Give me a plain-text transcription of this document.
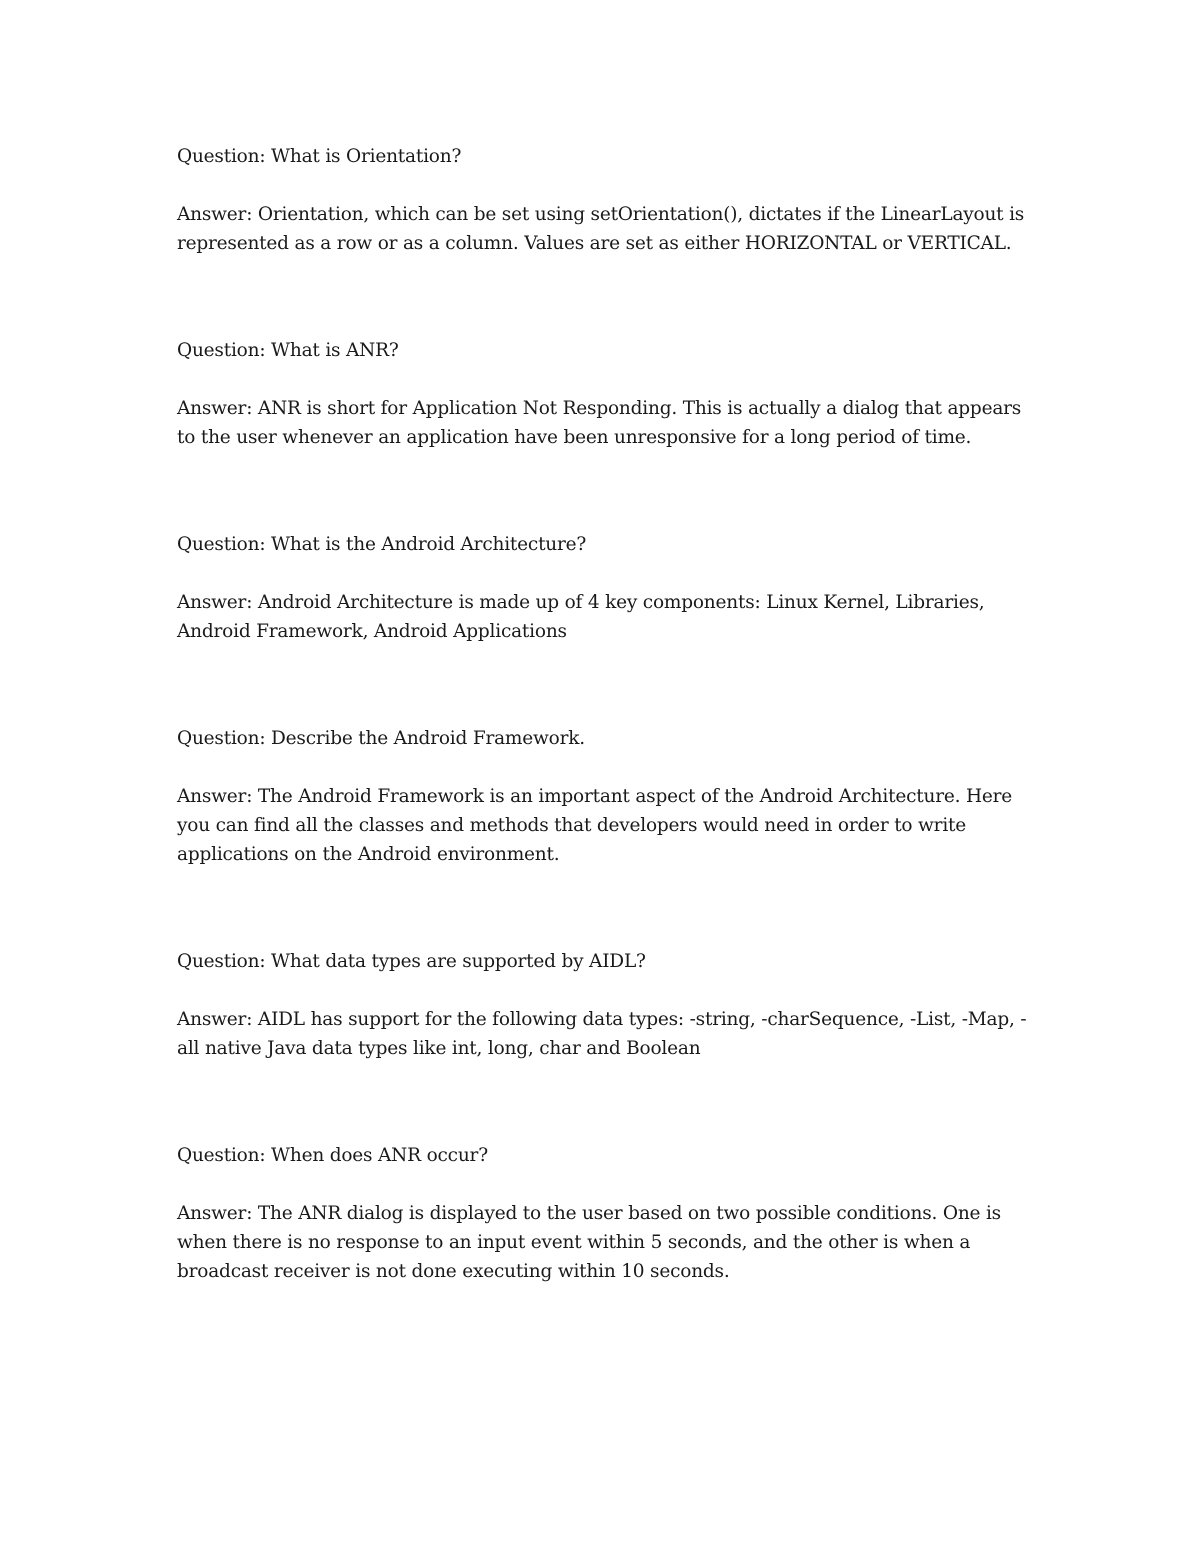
Question: What is Orientation?
Answer: Orientation, which can be set using setOrientation(), dictates if the LinearLayout is
represented as a row or as a column. Values are set as either HORIZONTAL or VERTICAL.
Question: What is ANR?
Answer: ANR is short for Application Not Responding. This is actually a dialog that appears
to the user whenever an application have been unresponsive for a long period of time.
Question: What is the Android Architecture?
Answer: Android Architecture is made up of 4 key components: Linux Kernel, Libraries,
Android Framework, Android Applications
Question: Describe the Android Framework.
Answer: The Android Framework is an important aspect of the Android Architecture. Here
you can find all the classes and methods that developers would need in order to write
applications on the Android environment.
Question: What data types are supported by AIDL?
Answer: AIDL has support for the following data types: -string, -charSequence, -List, -Map, -
all native Java data types like int, long, char and Boolean
Question: When does ANR occur?
Answer: The ANR dialog is displayed to the user based on two possible conditions. One is
when there is no response to an input event within 5 seconds, and the other is when a
broadcast receiver is not done executing within 10 seconds.
